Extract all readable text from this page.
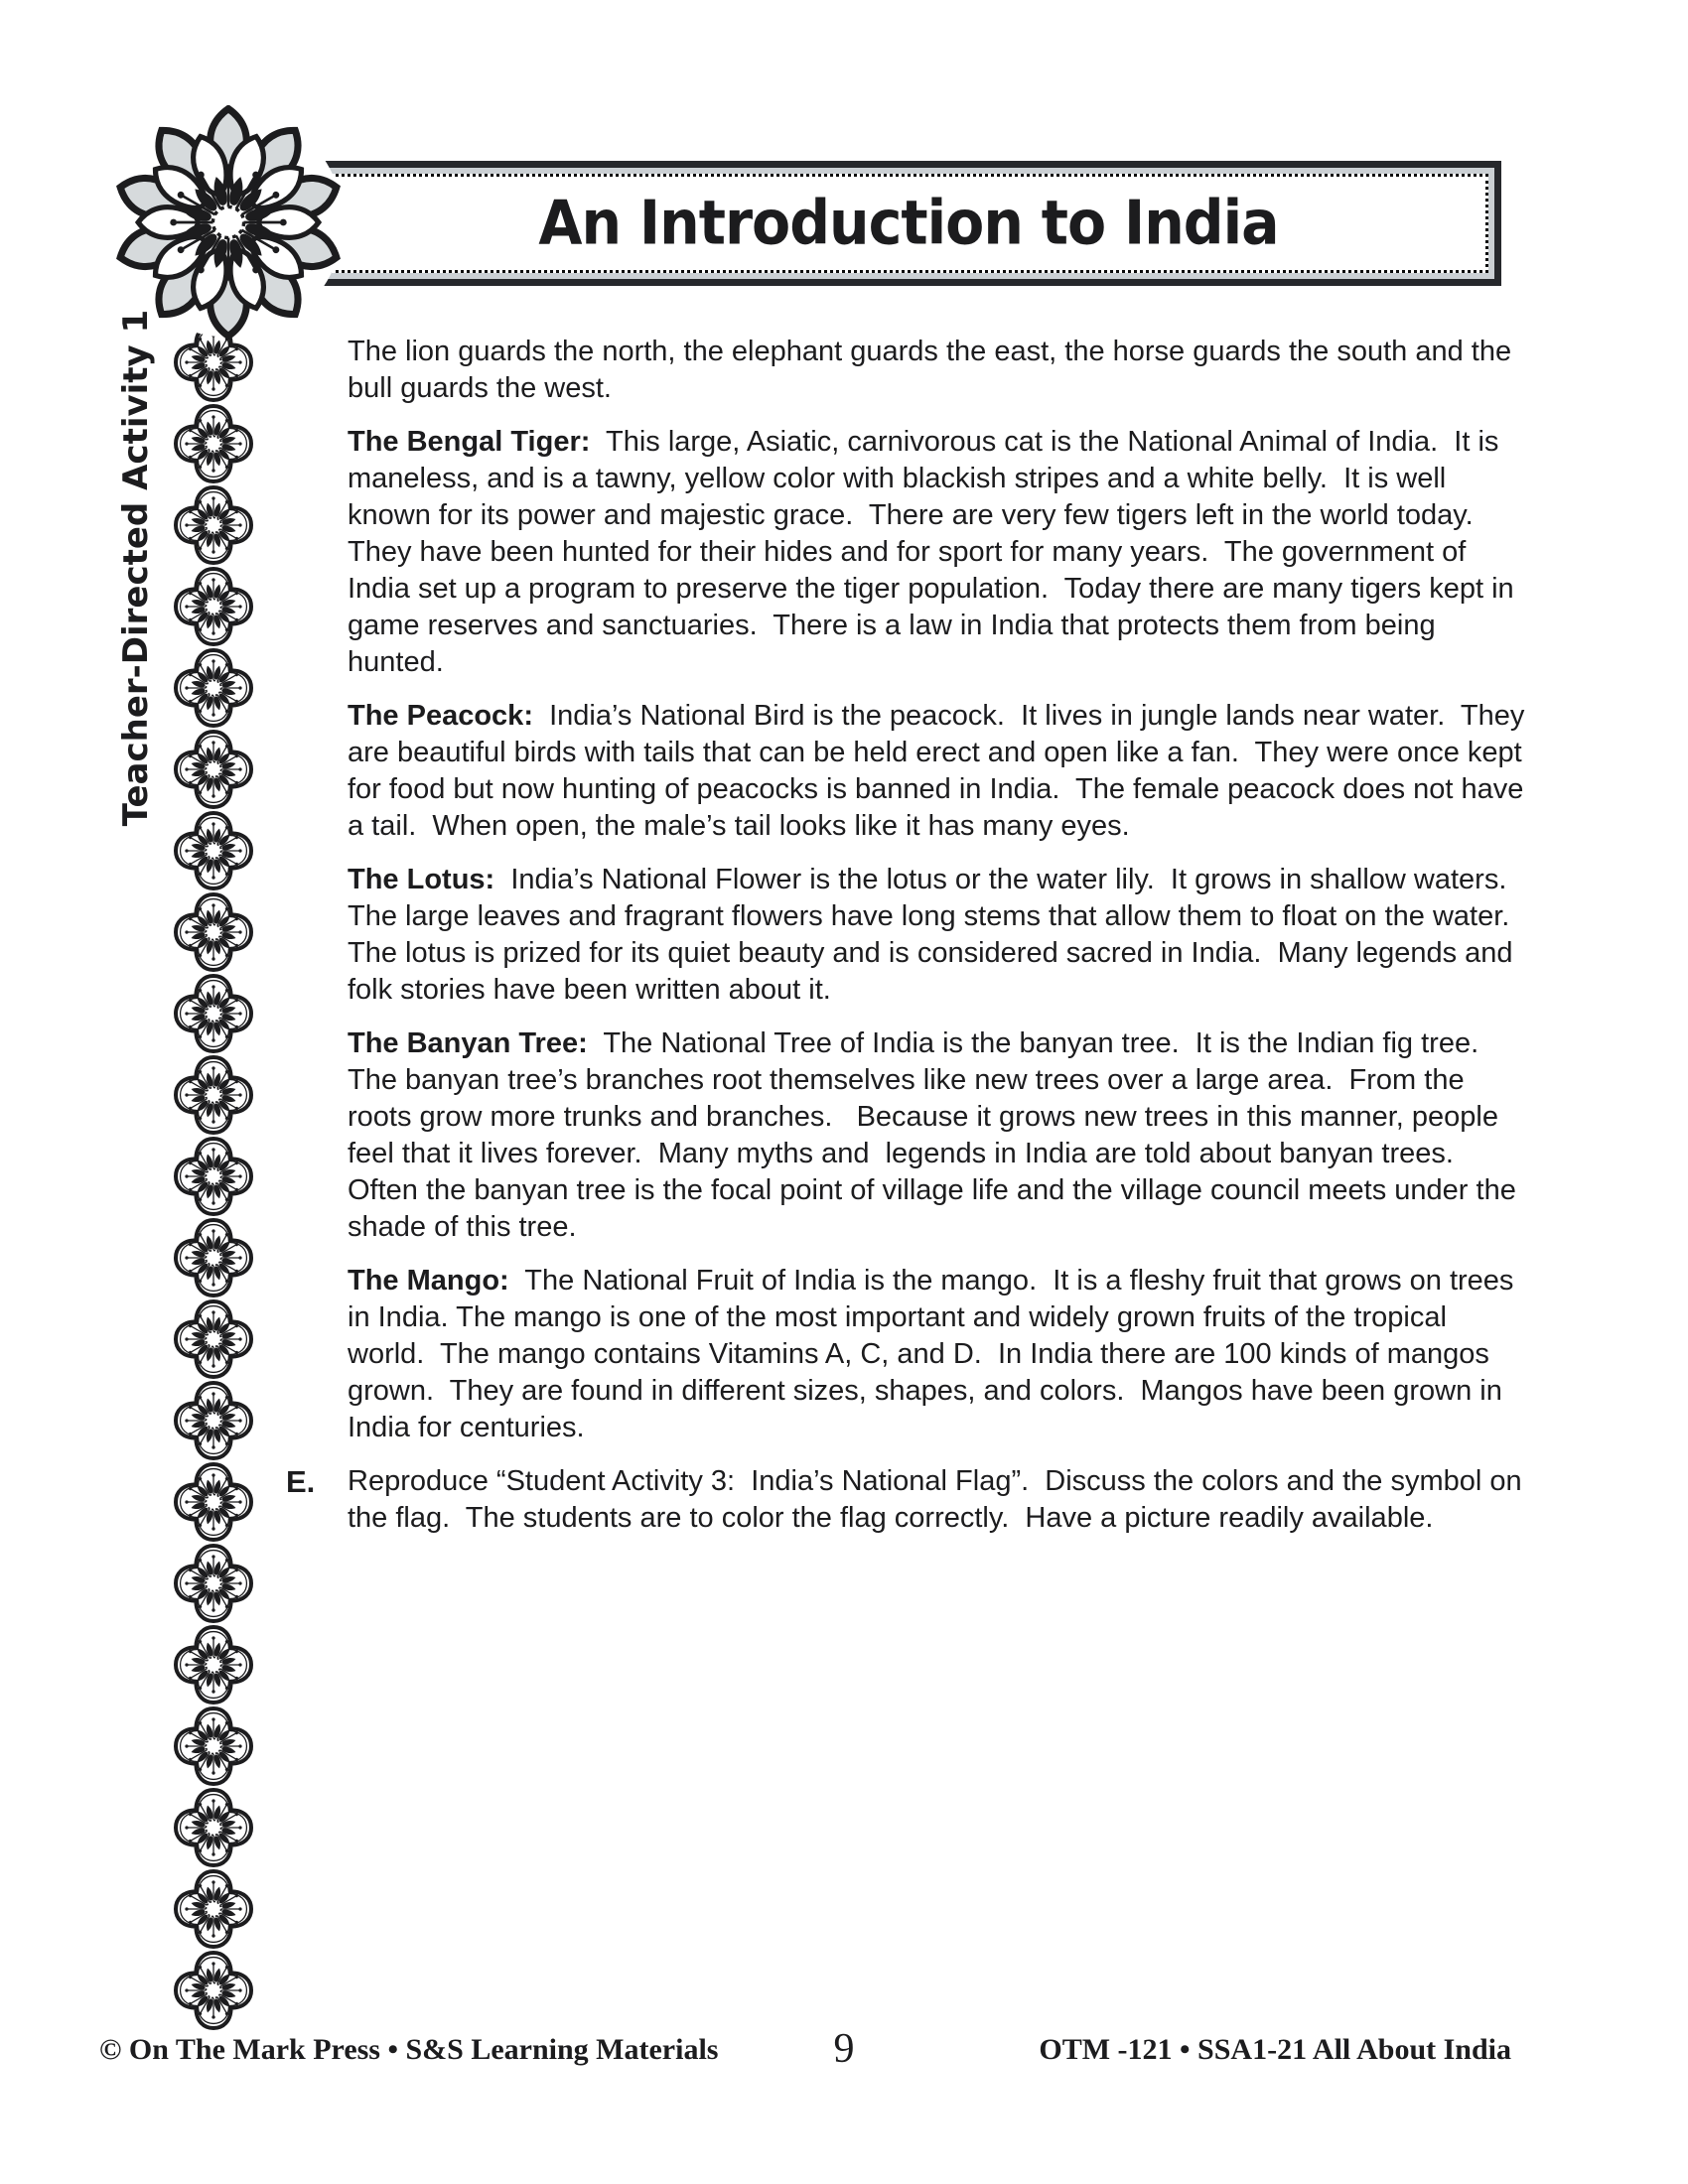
An Introduction to India
Teacher-Directed Activity 1	The lion guards the north, the elephant guards the east, the horse guards the south and the bull guards the west.

The Bengal Tiger:  This large, Asiatic, carnivorous cat is the National Animal of India.  It is maneless, and is a tawny, yellow color with blackish stripes and a white belly.  It is well known for its power and majestic grace.  There are very few tigers left in the world today.  They have been hunted for their hides and for sport for many years.  The government of India set up a program to preserve the tiger population.  Today there are many tigers kept in game reserves and sanctuaries.  There is a law in India that protects them from being hunted.

The Peacock:  India’s National Bird is the peacock.  It lives in jungle lands near water.  They are beautiful birds with tails that can be held erect and open like a fan.  They were once kept for food but now hunting of peacocks is banned in India.  The female peacock does not have a tail.  When open, the male’s tail looks like it has many eyes.

The Lotus:  India’s National Flower is the lotus or the water lily.  It grows in shallow waters.  The large leaves and fragrant flowers have long stems that allow them to float on the water.  The lotus is prized for its quiet beauty and is considered sacred in India.  Many legends and folk stories have been written about it.

The Banyan Tree:  The National Tree of India is the banyan tree.  It is the Indian fig tree.  The banyan tree’s branches root themselves like new trees over a large area.  From the roots grow more trunks and branches.   Because it grows new trees in this manner, people feel that it lives forever.  Many myths and  legends in India are told about banyan trees.  Often the banyan tree is the focal point of village life and the village council meets under the shade of this tree.

The Mango:  The National Fruit of India is the mango.  It is a fleshy fruit that grows on trees in India. The mango is one of the most important and widely grown fruits of the tropical world.  The mango contains Vitamins A, C, and D.  In India there are 100 kinds of mangos grown.  They are found in different sizes, shapes, and colors.  Mangos have been grown in India for centuries.

E. Reproduce “Student Activity 3:  India’s National Flag”.  Discuss the colors and the symbol on the flag.  The students are to color the flag correctly.  Have a picture readily available.

9
© On The Mark Press • S&S Learning Materials	OTM -121 • SSA1-21 All About India
